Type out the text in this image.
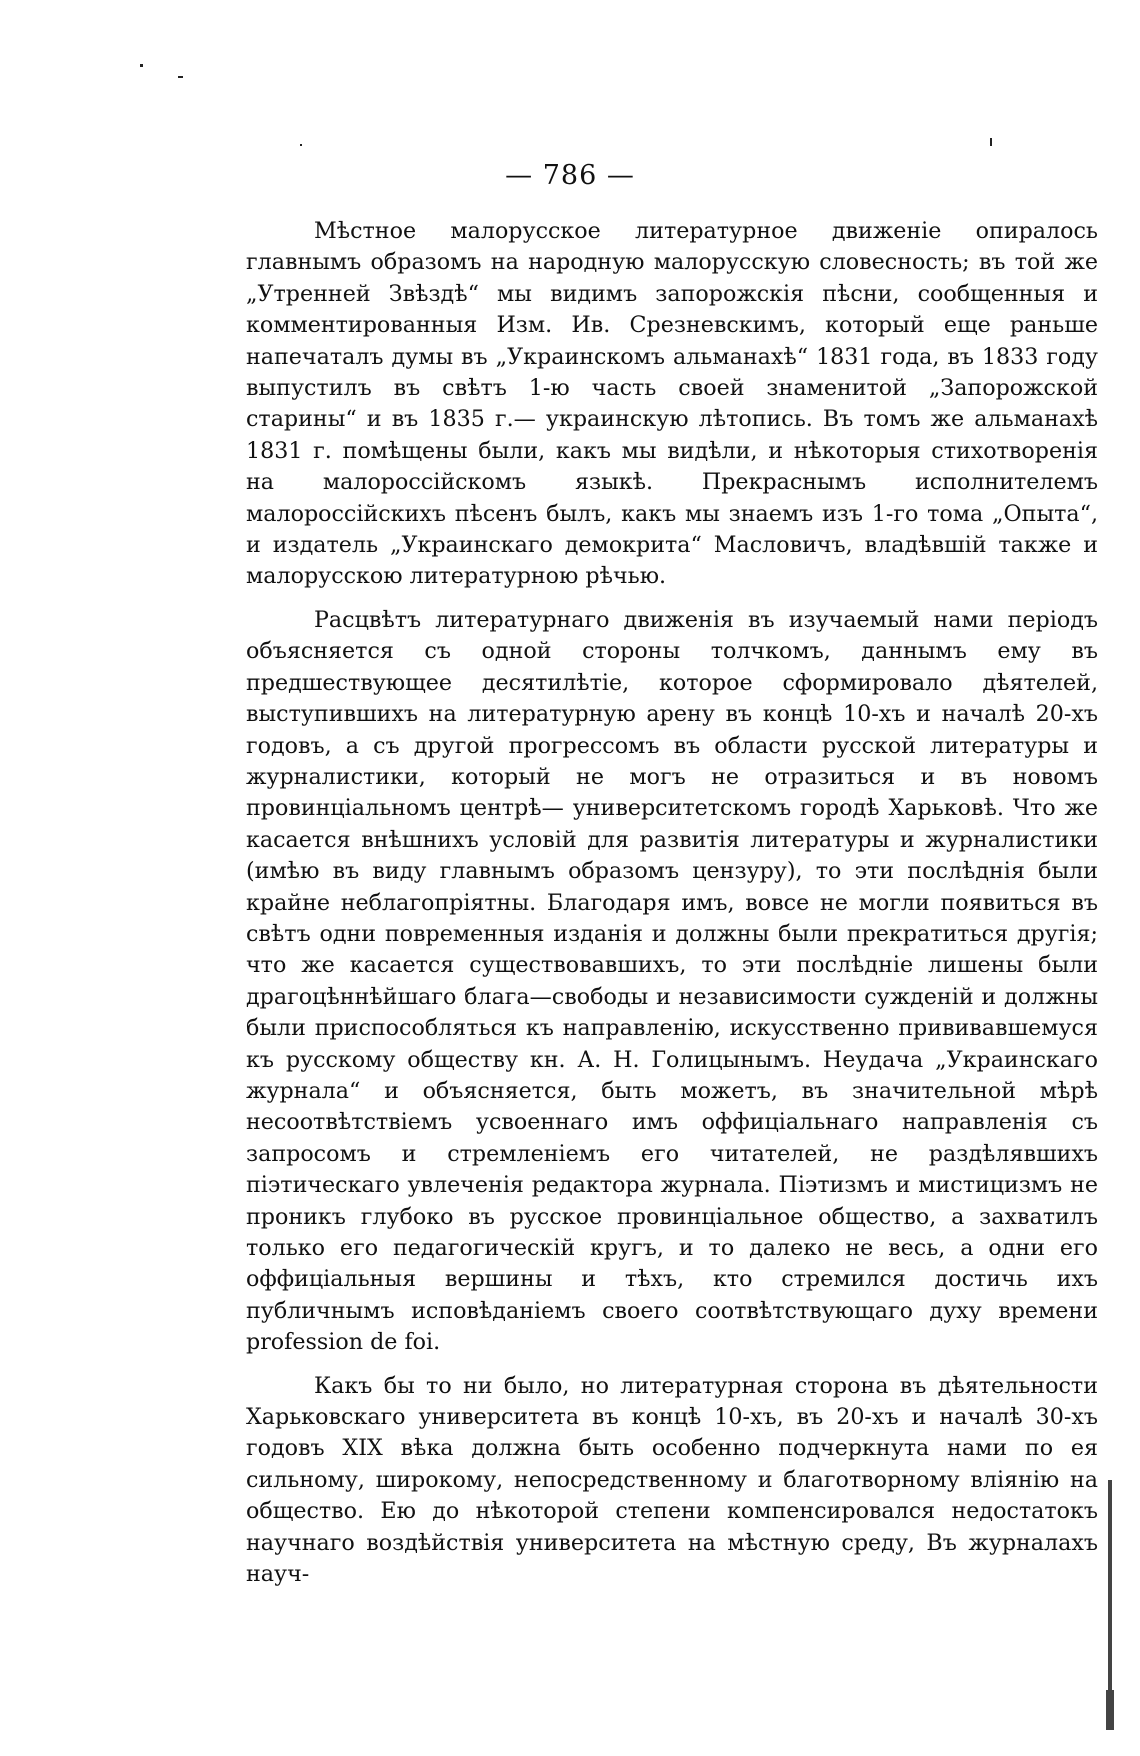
— 786 —

Мѣстное малорусское литературное движеніе опиралось главнымъ образомъ на народную малорусскую словесность; въ той же „Утренней Звѣздѣ“ мы видимъ запорожскія пѣсни, сообщенныя и комментированныя Изм. Ив. Срезневскимъ, который еще раньше напечаталъ думы въ „Украинскомъ альманахѣ“ 1831 года, въ 1833 году выпустилъ въ свѣтъ 1-ю часть своей знаменитой „Запорожской старины“ и въ 1835 г.— украинскую лѣтопись. Въ томъ же альманахѣ 1831 г. помѣщены были, какъ мы видѣли, и нѣкоторыя стихотворенія на малороссійскомъ языкѣ. Прекраснымъ исполнителемъ малороссійскихъ пѣсенъ былъ, какъ мы знаемъ изъ 1-го тома „Опыта“, и издатель „Украинскаго демокрита“ Масловичъ, владѣвшій также и малорусскою литературною рѣчью.

Расцвѣтъ литературнаго движенія въ изучаемый нами періодъ объясняется съ одной стороны толчкомъ, даннымъ ему въ предшествующее десятилѣтіе, которое сформировало дѣятелей, выступившихъ на литературную арену въ концѣ 10-хъ и началѣ 20-хъ годовъ, а съ другой прогрессомъ въ области русской литературы и журналистики, который не могъ не отразиться и въ новомъ провинціальномъ центрѣ— университетскомъ городѣ Харьковѣ. Что же касается внѣшнихъ условій для развитія литературы и журналистики (имѣю въ виду главнымъ образомъ цензуру), то эти послѣднія были крайне неблагопріятны. Благодаря имъ, вовсе не могли появиться въ свѣтъ одни повременныя изданія и должны были прекратиться другія; что же касается существовавшихъ, то эти послѣдніе лишены были драгоцѣннѣйшаго блага—свободы и независимости сужденій и должны были приспособляться къ направленію, искусственно прививавшемуся къ русскому обществу кн. А. Н. Голицынымъ. Неудача „Украинскаго журнала“ и объясняется, быть можетъ, въ значительной мѣрѣ несоотвѣтствіемъ усвоеннаго имъ оффиціальнаго направленія съ запросомъ и стремленіемъ его читателей, не раздѣлявшихъ піэтическаго увлеченія редактора журнала. Піэтизмъ и мистицизмъ не проникъ глубоко въ русское провинціальное общество, а захватилъ только его педагогическій кругъ, и то далеко не весь, а одни его оффиціальныя вершины и тѣхъ, кто стремился достичь ихъ публичнымъ исповѣданіемъ своего соотвѣтствующаго духу времени profession de foi.

Какъ бы то ни было, но литературная сторона въ дѣятельности Харьковскаго университета въ концѣ 10-хъ, въ 20-хъ и началѣ 30-хъ годовъ XIX вѣка должна быть особенно подчеркнута нами по ея сильному, широкому, непосредственному и благотворному вліянію на общество. Ею до нѣкоторой степени компенсировался недостатокъ научнаго воздѣйствія университета на мѣстную среду, Въ журналахъ науч-
